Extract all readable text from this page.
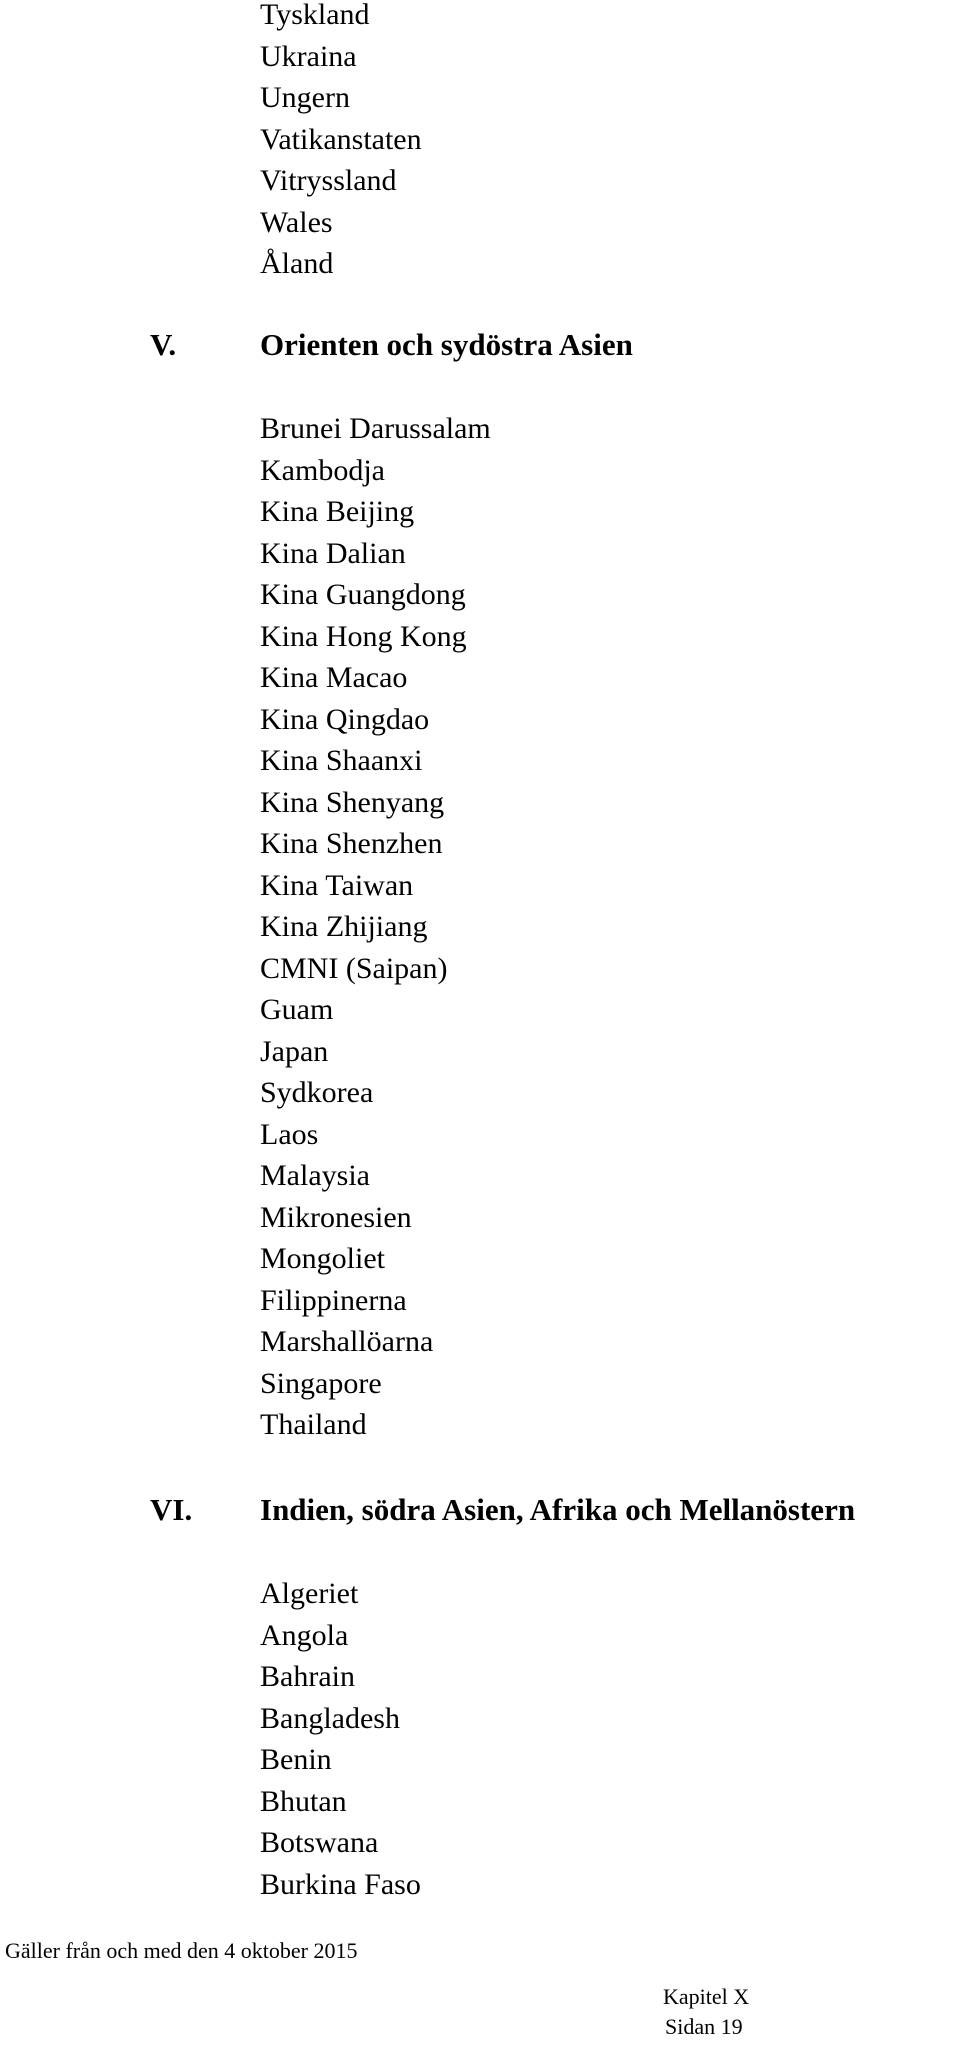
Tyskland
Ukraina
Ungern
Vatikanstaten
Vitryssland
Wales
Åland
V.	Orienten och sydöstra Asien
Brunei Darussalam
Kambodja
Kina Beijing
Kina Dalian
Kina Guangdong
Kina Hong Kong
Kina Macao
Kina Qingdao
Kina Shaanxi
Kina Shenyang
Kina Shenzhen
Kina Taiwan
Kina Zhijiang
CMNI (Saipan)
Guam
Japan
Sydkorea
Laos
Malaysia
Mikronesien
Mongoliet
Filippinerna
Marshallöarna
Singapore
Thailand
VI. Indien, södra Asien, Afrika och Mellanöstern
Algeriet
Angola
Bahrain
Bangladesh
Benin
Bhutan
Botswana
Burkina Faso
Gäller från och med den 4 oktober 2015
Kapitel X
Sidan 19
